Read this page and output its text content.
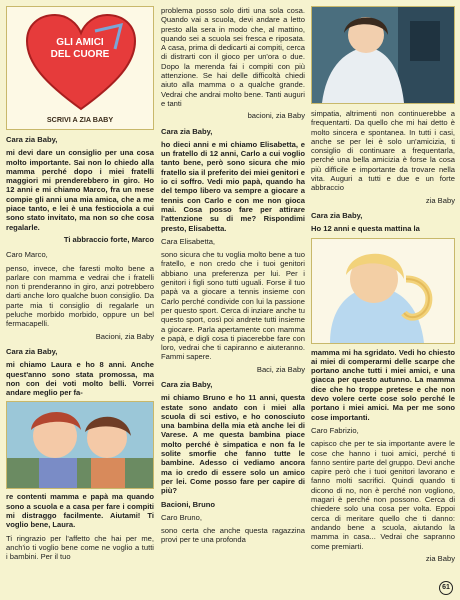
GLI AMICI
DEL CUORE
SCRIVI A ZIA BABY

Cara zia Baby,

mi devi dare un consiglio per una cosa molto importante. Sai non lo chiedo alla mamma perché dopo i miei fratelli maggiori mi prenderebbero in giro. Ho 12 anni e mi chiamo Marco, fra un mese compie gli anni una mia amica, che a me piace tanto, e lei è una festicciola a cui sono stato invitato, ma non so che cosa regalarle.

Ti abbraccio forte, Marco

Caro Marco,

penso, invece, che faresti molto bene a parlare con mamma e vedrai che i fratelli non ti prenderanno in giro, anzi potrebbero darti anche loro qualche buon consiglio. Da parte mia ti consiglio di regalarle un peluche morbido morbido, oppure un bel fermacapelli.

Bacioni, zia Baby

Cara zia Baby,

mi chiamo Laura e ho 8 anni. Anche quest'anno sono stata promossa, ma non con dei voti molto belli. Vorrei andare meglio per fa-

re contenti mamma e papà ma quando sono a scuola e a casa per fare i compiti mi distraggo facilmente. Aiutami! Ti voglio bene, Laura.

Ti ringrazio per l'affetto che hai per me, anch'io ti voglio bene come ne voglio a tutti i bambini. Per il tuo

problema posso solo dirti una sola cosa. Quando vai a scuola, devi andare a letto presto alla sera in modo che, al mattino, quando sei a scuola sei fresca e riposata. A casa, prima di dedicarti ai compiti, cerca di distrarti con il gioco per un'ora o due. Dopo la merenda fai i compiti con più attenzione. Se hai delle difficoltà chiedi aiuto alla mamma o a qualche grande. Vedrai che andrai molto bene. Tanti auguri e tanti

bacioni, zia Baby

Cara zia Baby,

ho dieci anni e mi chiamo Elisabetta, e un fratello di 12 anni, Carlo a cui voglio tanto bene, però sono sicura che mio fratello sia il preferito dei miei genitori e io ci soffro. Vedi mio papà, quando ha del tempo libero va sempre a giocare a tennis con Carlo e con me non gioca mai. Cosa posso fare per attirare l'attenzione su di me? Rispondimi presto, Elisabetta.

Cara Elisabetta,

sono sicura che tu voglia molto bene a tuo fratello, e non credo che i tuoi genitori abbiano una preferenza per lui. Per i genitori i figli sono tutti uguali. Forse il tuo papà va a giocare a tennis insieme con Carlo perché condivide con lui la passione per questo sport. Cerca di inziare anche tu questo sport, così poi andrete tutti insieme a giocare. Parla apertamente con mamma e papà, e digli cosa ti piacerebbe fare con loro, vedrai che ti capiranno e aiuteranno. Fammi sapere.

Baci, zia Baby

Cara zia Baby,

mi chiamo Bruno e ho 11 anni, questa estate sono andato con i miei alla scuola di sci estivo, e ho conosciuto una bambina della mia età anche lei di Varese. A me questa bambina piace molto perché è simpatica e non fa le solite smorfie che fanno tutte le bambine. Adesso ci vediamo ancora ma io credo di essere solo un amico per lei. Come posso fare per capire di più?

Bacioni, Bruno

Caro Bruno,

sono certa che anche questa ragazzina provi per te una profonda

simpatia, altrimenti non continuerebbe a frequentarti. Da quello che mi hai detto è molto sincera e spontanea. In tutti i casi, anche se per lei è solo un'amicizia, ti consiglio di continuare a frequentarla, perché una bella amicizia è forse la cosa più difficile e importante da trovare nella vita. Auguri a tutti e due e un forte abbraccio

zia Baby

Cara zia Baby,

Ho 12 anni e questa mattina la

mamma mi ha sgridato. Vedi ho chiesto ai miei di comperarmi delle scarpe che portano anche tutti i miei amici, e una giacca per questo autunno. La mamma dice che ho troppe pretese e che non devo volere certe cose solo perché le portano i miei amici. Ma per me sono cose importanti.

Caro Fabrizio,

capisco che per te sia importante avere le cose che hanno i tuoi amici, perché ti fanno sentire parte del gruppo. Devi anche capire però che i tuoi genitori lavorano e fanno molti sacrifici. Quindi quando ti dicono di no, non è perché non vogliono, magari è perché non possono. Cerca di chiedere solo una cosa per volta. Eppoi cerca di meritare quello che ti danno: andando bene a scuola, aiutando la mamma in casa... Vedrai che sapranno come premiarti.

zia Baby

61
